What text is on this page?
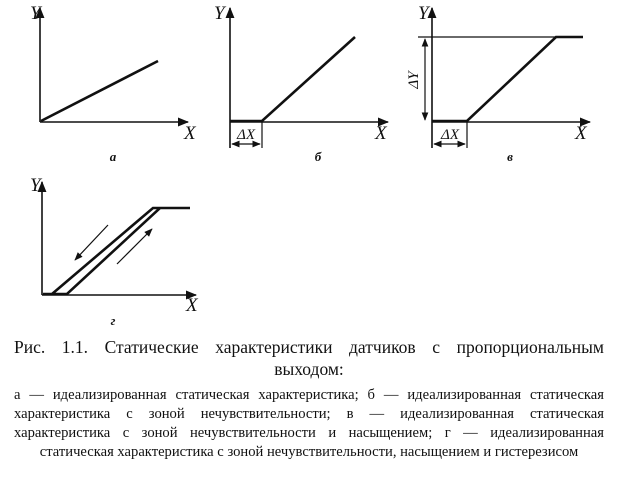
Y
X
а
Y
X
ΔX
б
Y
X
ΔY
ΔX
в
Y
X
г

Рис. 1.1. Статические характеристики датчиков с пропорциональным выходом:

а — идеализированная статическая характеристика; б — идеализированная статическая характеристика с зоной нечувствительности; в — идеализированная статическая характеристика с зоной нечувствительности и насыщением; г — идеализированная статическая характеристика с зоной нечувствительности, насыщением и гистерезисом
